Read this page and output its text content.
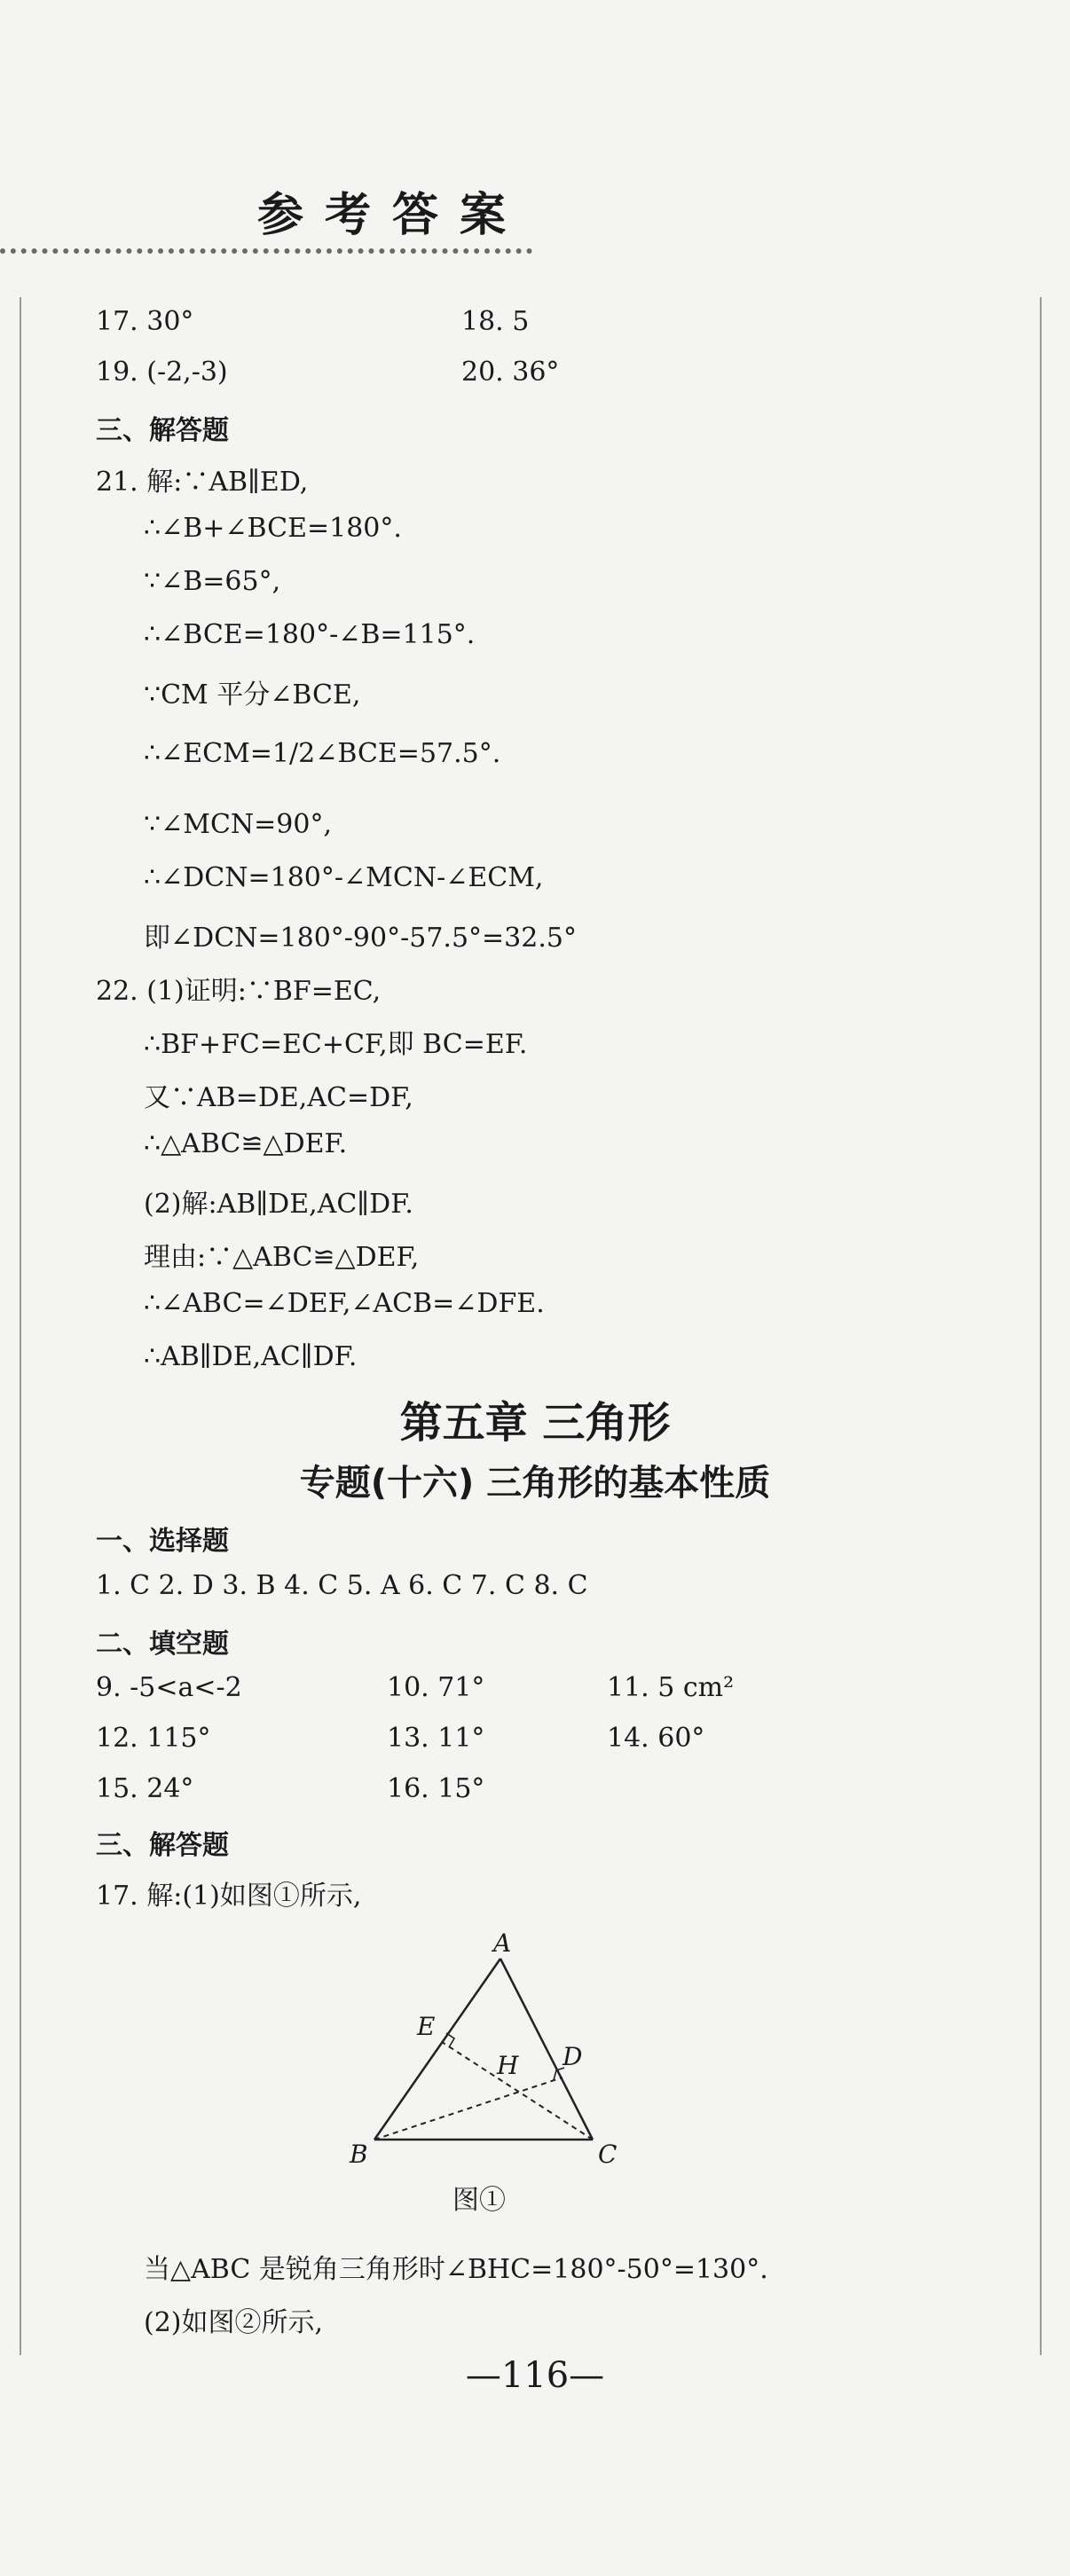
参考答案
17. 30°	18. 5
19. (-2,-3)	20. 36°
三、解答题
21. 解:∵AB∥ED,
∴∠B+∠BCE=180°.
∵∠B=65°,
∴∠BCE=180°-∠B=115°.
∵CM 平分∠BCE,
∴∠ECM=1/2∠BCE=57.5°.
∵∠MCN=90°,
∴∠DCN=180°-∠MCN-∠ECM,
即∠DCN=180°-90°-57.5°=32.5°
22. (1)证明:∵BF=EC,
∴BF+FC=EC+CF,即 BC=EF.
又∵AB=DE,AC=DF,
∴△ABC≌△DEF.
(2)解:AB∥DE,AC∥DF.
理由:∵△ABC≌△DEF,
∴∠ABC=∠DEF,∠ACB=∠DFE.
∴AB∥DE,AC∥DF.
第五章 三角形
专题(十六) 三角形的基本性质
一、选择题
1. C 2. D 3. B 4. C 5. A 6. C 7. C 8. C
二、填空题
9. -5<a<-2	10. 71°	11. 5 cm²
12. 115°	13. 11°	14. 60°
15. 24°	16. 15°
三、解答题
17. 解:(1)如图①所示,
A
B	C
D
E
H
图①
当△ABC 是锐角三角形时∠BHC=180°-50°=130°.
(2)如图②所示,
—116—
